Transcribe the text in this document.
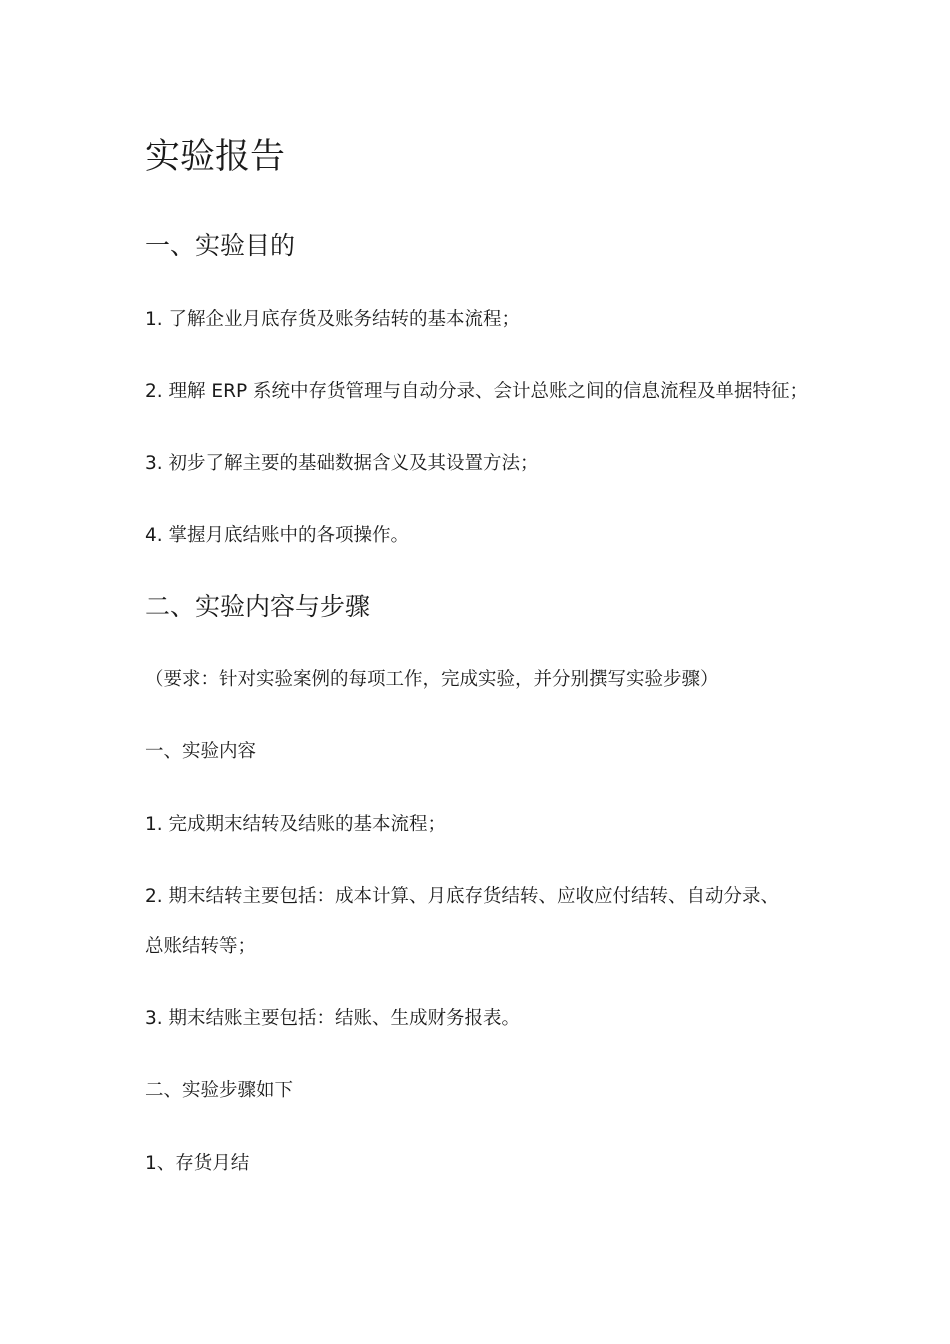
实验报告
一、实验目的

1. 了解企业月底存货及账务结转的基本流程；

2. 理解 ERP 系统中存货管理与自动分录、会计总账之间的信息流程及单据特征；

3. 初步了解主要的基础数据含义及其设置方法；

4. 掌握月底结账中的各项操作。

二、实验内容与步骤

（要求：针对实验案例的每项工作，完成实验，并分别撰写实验步骤）

一、实验内容

1. 完成期末结转及结账的基本流程；

2. 期末结转主要包括：成本计算、月底存货结转、应收应付结转、自动分录、

总账结转等；

3. 期末结账主要包括：结账、生成财务报表。

二、实验步骤如下

1、存货月结
